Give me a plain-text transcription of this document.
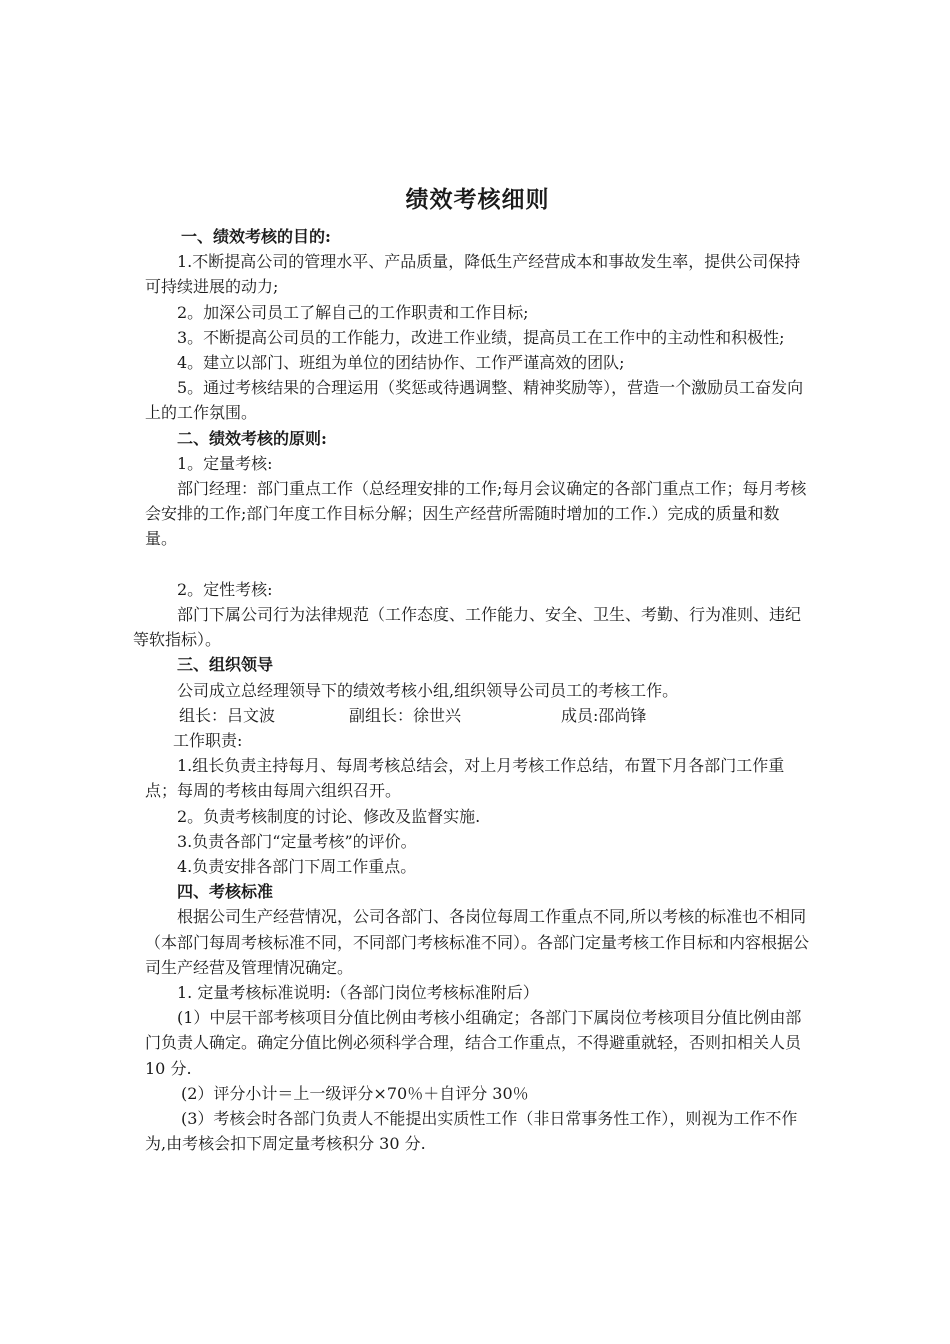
绩效考核细则

一、绩效考核的目的:

1.不断提高公司的管理水平、产品质量，降低生产经营成本和事故发生率，提供公司保持可持续进展的动力;

2。加深公司员工了解自己的工作职责和工作目标;

3。不断提高公司员的工作能力，改进工作业绩，提高员工在工作中的主动性和积极性;

4。建立以部门、班组为单位的团结协作、工作严谨高效的团队;

5。通过考核结果的合理运用（奖惩或待遇调整、精神奖励等），营造一个激励员工奋发向上的工作氛围。

二、绩效考核的原则:

1。定量考核:

部门经理：部门重点工作（总经理安排的工作;每月会议确定的各部门重点工作；每月考核会安排的工作;部门年度工作目标分解；因生产经营所需随时增加的工作.）完成的质量和数量。

2。定性考核:

部门下属公司行为法律规范（工作态度、工作能力、安全、卫生、考勤、行为准则、违纪等软指标）。

三、组织领导

公司成立总经理领导下的绩效考核小组,组织领导公司员工的考核工作。

组长：吕文波	副组长：徐世兴	成员:邵尚锋

工作职责:

1.组长负责主持每月、每周考核总结会，对上月考核工作总结，布置下月各部门工作重点；每周的考核由每周六组织召开。

2。负责考核制度的讨论、修改及监督实施.

3.负责各部门“定量考核”的评价。

4.负责安排各部门下周工作重点。

四、考核标准

根据公司生产经营情况，公司各部门、各岗位每周工作重点不同,所以考核的标准也不相同（本部门每周考核标准不同，不同部门考核标准不同）。各部门定量考核工作目标和内容根据公司生产经营及管理情况确定。

1. 定量考核标准说明:（各部门岗位考核标准附后）

(1）中层干部考核项目分值比例由考核小组确定；各部门下属岗位考核项目分值比例由部门负责人确定。确定分值比例必须科学合理，结合工作重点，不得避重就轻，否则扣相关人员 10 分.

(2）评分小计＝上一级评分×70％＋自评分 30％

(3）考核会时各部门负责人不能提出实质性工作（非日常事务性工作），则视为工作不作为,由考核会扣下周定量考核积分 30 分.
